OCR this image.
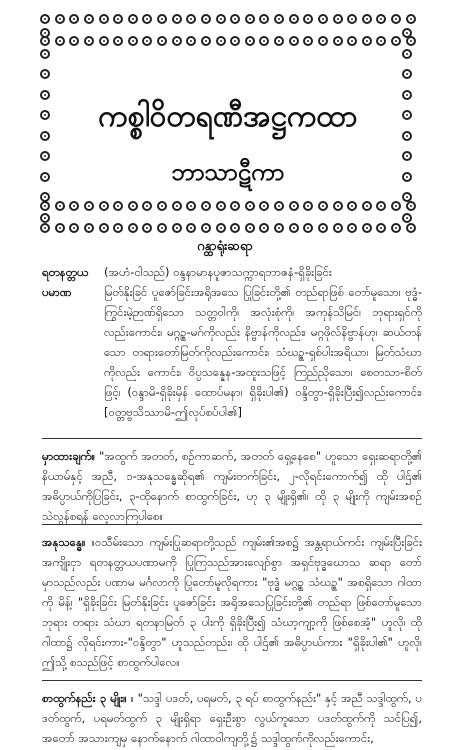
ကစ္စါဝိတရဏီအဋ္ဌကထာ
ဘာသာဋီကာ
ဂန္ထာရုံးဆရာ
ရတနတ္တယ	(အဟံ-ငါသည်) ဝန္ဒနာမာနပူဇာသက္ကာရဘာဇနံ-ရှိခိုးခြင်း
ပမာဏ	မြတ်နိုးခြင် ပူဇော်ခြင်းအရိုအသေ ပြုခြင်းတို့၏ တည်ရာဖြစ် တော်မူသော၊ ဗုဒ္ဓံ-ကြွင်းမဲ့ဉာဏ်ရှိသော သတ္တဝါကို၊ အလုံးစုံကို၊ အကုန်သိမြင်၊ ဘုရားရှင်ကိုလည်းကောင်း၊ မဂ္ဂဥ္စ-မဂ်ကိုလည်း နိဗ္ဗာန်ကိုလည်း၊ မဂ္ဂဖိုလ်နိဗ္ဗာန်ဟု၊ ဆယ်တန်သော တရားတော်မြတ်ကိုလည်းကောင်း၊ သံဃဥ္စ-ရှစ်ပါးအရိယာ၊ မြတ်သံဃာကိုလည်း ကောင်း၊ ဝိပ္ပသန္နေန-အထူးသဖြင့် ကြည်ညိုသော၊ စေတသာ-စိတ်ဖြင့်၊ (ဝန္ဒာမိ-ရှိခိုးမှိန် ထောပ်မနာ၊ ရှိခိုးပါ၏) ဝန္ဒိတွာ-ရှိခိုးပြီး၍လည်းကောင်း၊ [ဝတ္တဗ္ဗသိဿာမိ-ဤလုပ်စပ်ပါ၏]
မှာထားချက်။ "အထွက် အတတ်, စဉ်ကာဆက်, အတတ် ရှေ့နေစေ" ဟူသော ရှေးဆရာတို့၏ နိယာမ်နှင့် အညီ, ၁-အနုသန္ဓေဆိုရ၏ ကျမ်းတက်ခြင်း, ၂-လိုရင်းကောက်၍ ထို ပါဌ်၏ အဓိပ္ပာယ်ကိုပြခြင်း, ၃-ထိုနောက် စာထွက်ခြင်း, ဟု ၃ မျိုးရှိ၏၊ ထို ၃ မျိုးကို ကျမ်းအစဥ် သဲလွန်စရန် လေ့လာကြပါစေ။
အနုသန္ဓေ။ ။ဝသီမ်းသော ကျမ်းပြုဆရာတို့သည် ကျမ်း၏အစ၌ အန္တရာယ်ကင်း ကျမ်းပြီးခြင်း အကျိုးငှာ ရတနတ္တယပဏာမကို ပြုကြသည်အားလျော်စွာ အရှင်ဗုဒ္ဓဃောသ ဆရာ တော်မှာသည်လည်း ပဏာမ မင်္ဂလာကို ပြုတော်မူလိုရကား "ဗုဒ္ဓံ မဂ္ဂဥ္စ သံဃဥ္စ" အစရှိသော ဂါထာကို မိန့်၊ "ရှိခိုးခြင်း မြတ်နိုးခြင်း ပူဇော်ခြင်း အရိုအသေပြုခြင်းတို့၏ တည်ရာ ဖြစ်တော်မူသော ဘုရား တရား သံဃာ ရတနာမြတ် ၃ ပါးကို ရှိခိုးပြီး၍ သံဃာ့ကျာ့ကို ဖြစ်စေအံ့" ဟူလို၊ ထို ဂါထာ၌ လိုရင်းကား-"ဝန္ဒိတွာ" ဟူသည်တည်း၊ ထို ပါဌ်၏ အဓိပ္ပာယ်ကား "ရှိခိုးပါ၏" ဟူလို၊ ဤသို့ စသည်ဖြင့် စာထွက်ပါလေ။
စာထွက်နည်း ၃ မျိုး။ ။ "သဒ္ဒါ ပဒတ်, ပရမတ်, ၃ ရပ် စာထွက်နည်း" နှင့် အညီ သဒ္ဒါထွက်, ပဒတ်ထွက်, ပရမတ်ထွက် ၃ မျိုးရှိရာ ရှေးဦးစွာ လွယ်ကူသော ပဒတ်ထွက်ကို သင်ပြ၍, အတော် အသားကျမှ နောက်နောက် ဂါထာဝါကျတို့၌ သဒ္ဒါထွက်ကိုလည်းကောင်း,
